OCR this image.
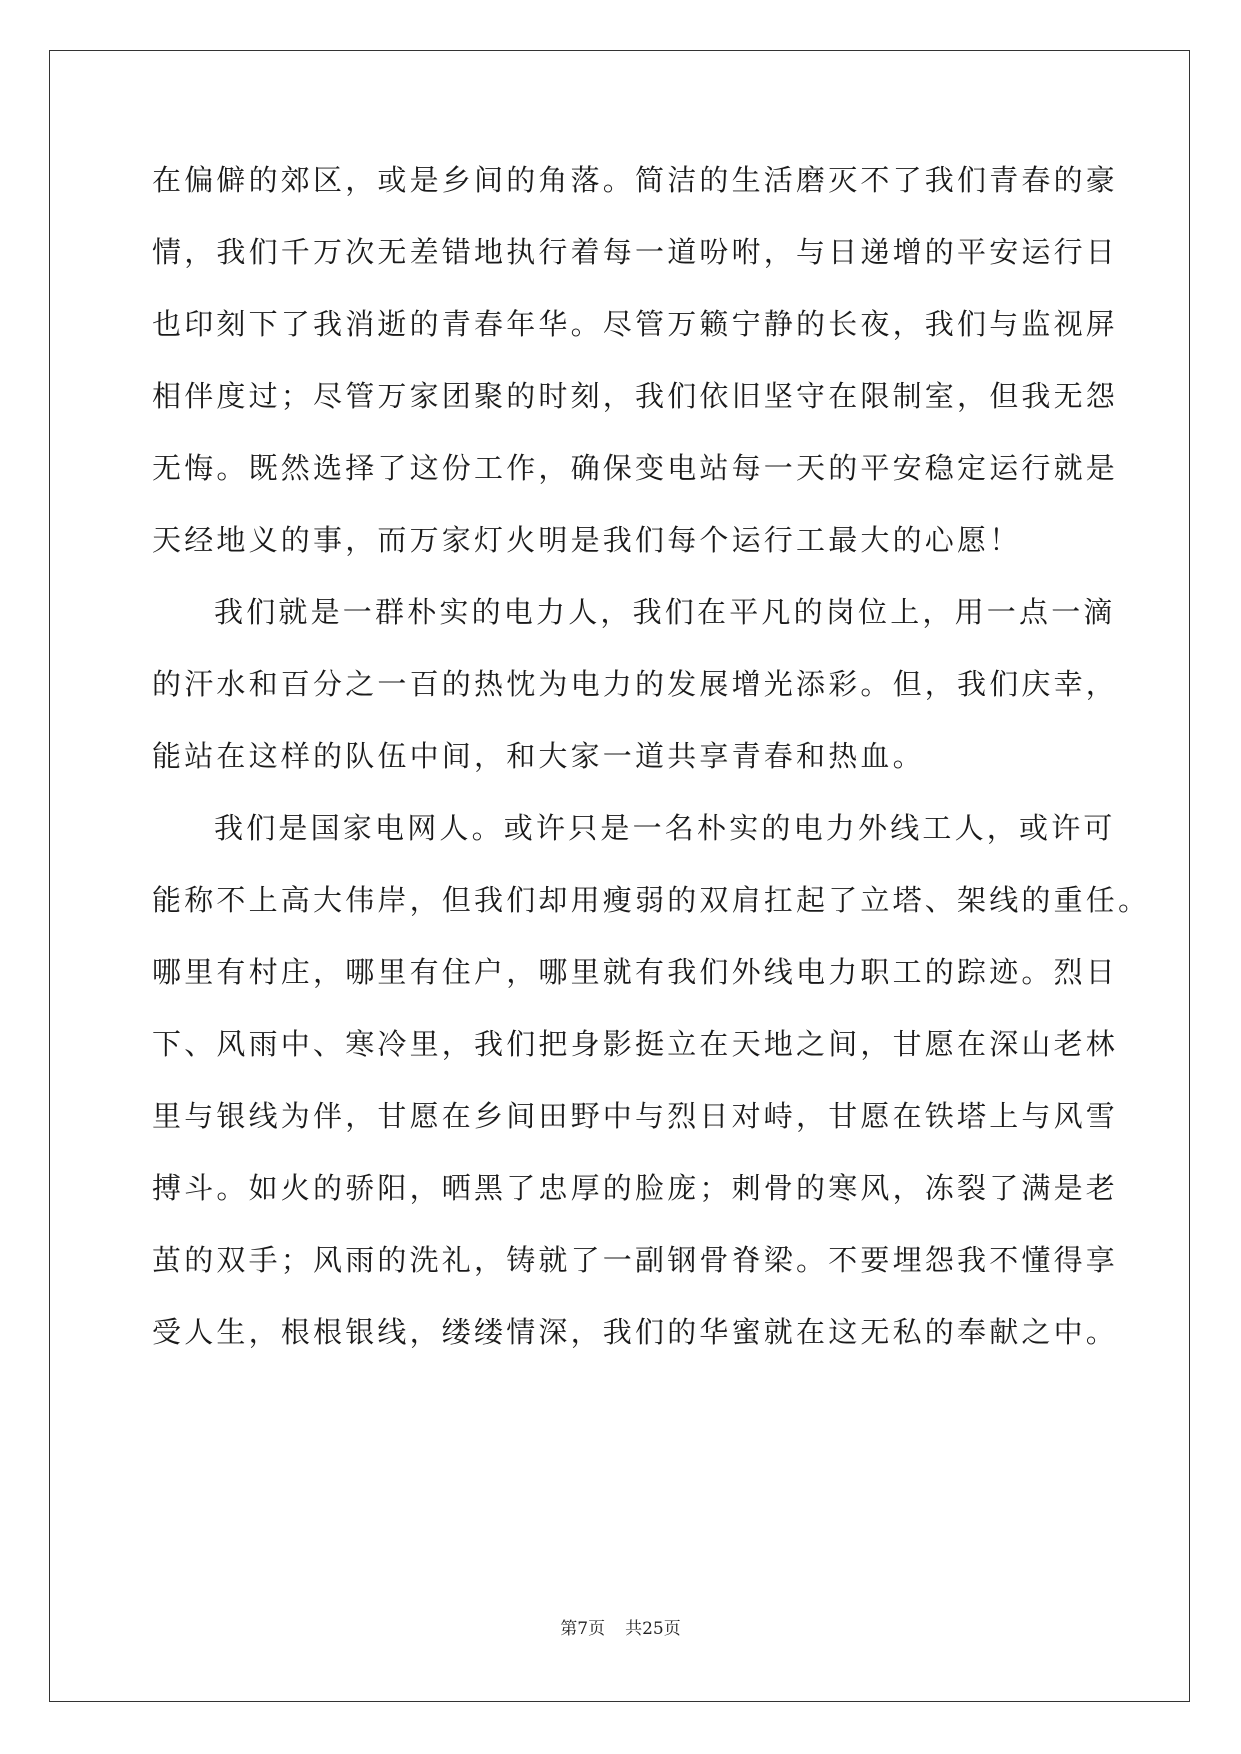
在偏僻的郊区，或是乡间的角落。简洁的生活磨灭不了我们青春的豪
情，我们千万次无差错地执行着每一道吩咐，与日递增的平安运行日
也印刻下了我消逝的青春年华。尽管万籁宁静的长夜，我们与监视屏
相伴度过；尽管万家团聚的时刻，我们依旧坚守在限制室，但我无怨
无悔。既然选择了这份工作，确保变电站每一天的平安稳定运行就是
天经地义的事，而万家灯火明是我们每个运行工最大的心愿！
我们就是一群朴实的电力人，我们在平凡的岗位上，用一点一滴
的汗水和百分之一百的热忱为电力的发展增光添彩。但，我们庆幸，
能站在这样的队伍中间，和大家一道共享青春和热血。
我们是国家电网人。或许只是一名朴实的电力外线工人，或许可
能称不上高大伟岸，但我们却用瘦弱的双肩扛起了立塔、架线的重任。
哪里有村庄，哪里有住户，哪里就有我们外线电力职工的踪迹。烈日
下、风雨中、寒冷里，我们把身影挺立在天地之间，甘愿在深山老林
里与银线为伴，甘愿在乡间田野中与烈日对峙，甘愿在铁塔上与风雪
搏斗。如火的骄阳，晒黑了忠厚的脸庞；刺骨的寒风，冻裂了满是老
茧的双手；风雨的洗礼，铸就了一副钢骨脊梁。不要埋怨我不懂得享
受人生，根根银线，缕缕情深，我们的华蜜就在这无私的奉献之中。
第7页 共25页
